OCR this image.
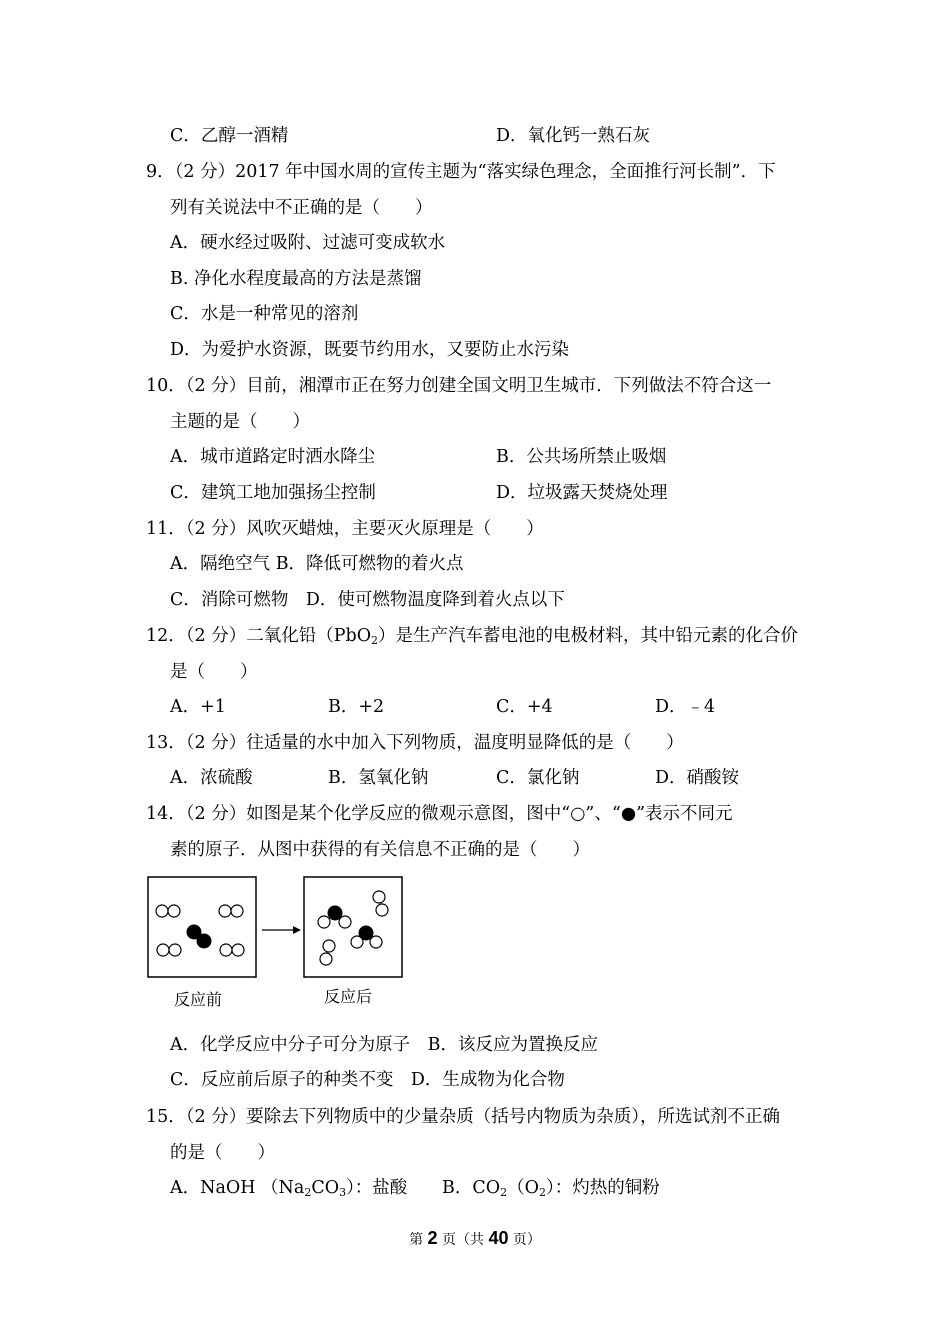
C．乙醇一酒精	D．氧化钙一熟石灰
9．（2 分）2017 年中国水周的宣传主题为“落实绿色理念，全面推行河长制”．下
列有关说法中不正确的是（　　）
A．硬水经过吸附、过滤可变成软水
B. 净化水程度最高的方法是蒸馏
C．水是一种常见的溶剂
D．为爱护水资源，既要节约用水，又要防止水污染
10．（2 分）目前，湘潭市正在努力创建全国文明卫生城市．下列做法不符合这一
主题的是（　　）
A．城市道路定时洒水降尘	B．公共场所禁止吸烟
C．建筑工地加强扬尘控制	D．垃圾露天焚烧处理
11．（2 分）风吹灭蜡烛，主要灭火原理是（　　）
A．隔绝空气 B．降低可燃物的着火点
C．消除可燃物　D．使可燃物温度降到着火点以下
12．（2 分）二氧化铅（PbO$_2$）是生产汽车蓄电池的电极材料，其中铅元素的化合价
是（　　）
A．+1	B．+2	C．+4	D．﹣4
13．（2 分）往适量的水中加入下列物质，温度明显降低的是（　　）
A．浓硫酸	B．氢氧化钠	C．氯化钠	D．硝酸铵
14．（2 分）如图是某个化学反应的微观示意图，图中“○”、“●”表示不同元
素的原子．从图中获得的有关信息不正确的是（　　）
反应前	反应后
A．化学反应中分子可分为原子　B．该反应为置换反应
C．反应前后原子的种类不变　D．生成物为化合物
15．（2 分）要除去下列物质中的少量杂质（括号内物质为杂质），所选试剂不正确
的是（　　）
A．NaOH $(Na_2CO_3)$：盐酸 B．$CO_2(O_2)$：灼热的铜粉
第 2 页（共 40 页）
